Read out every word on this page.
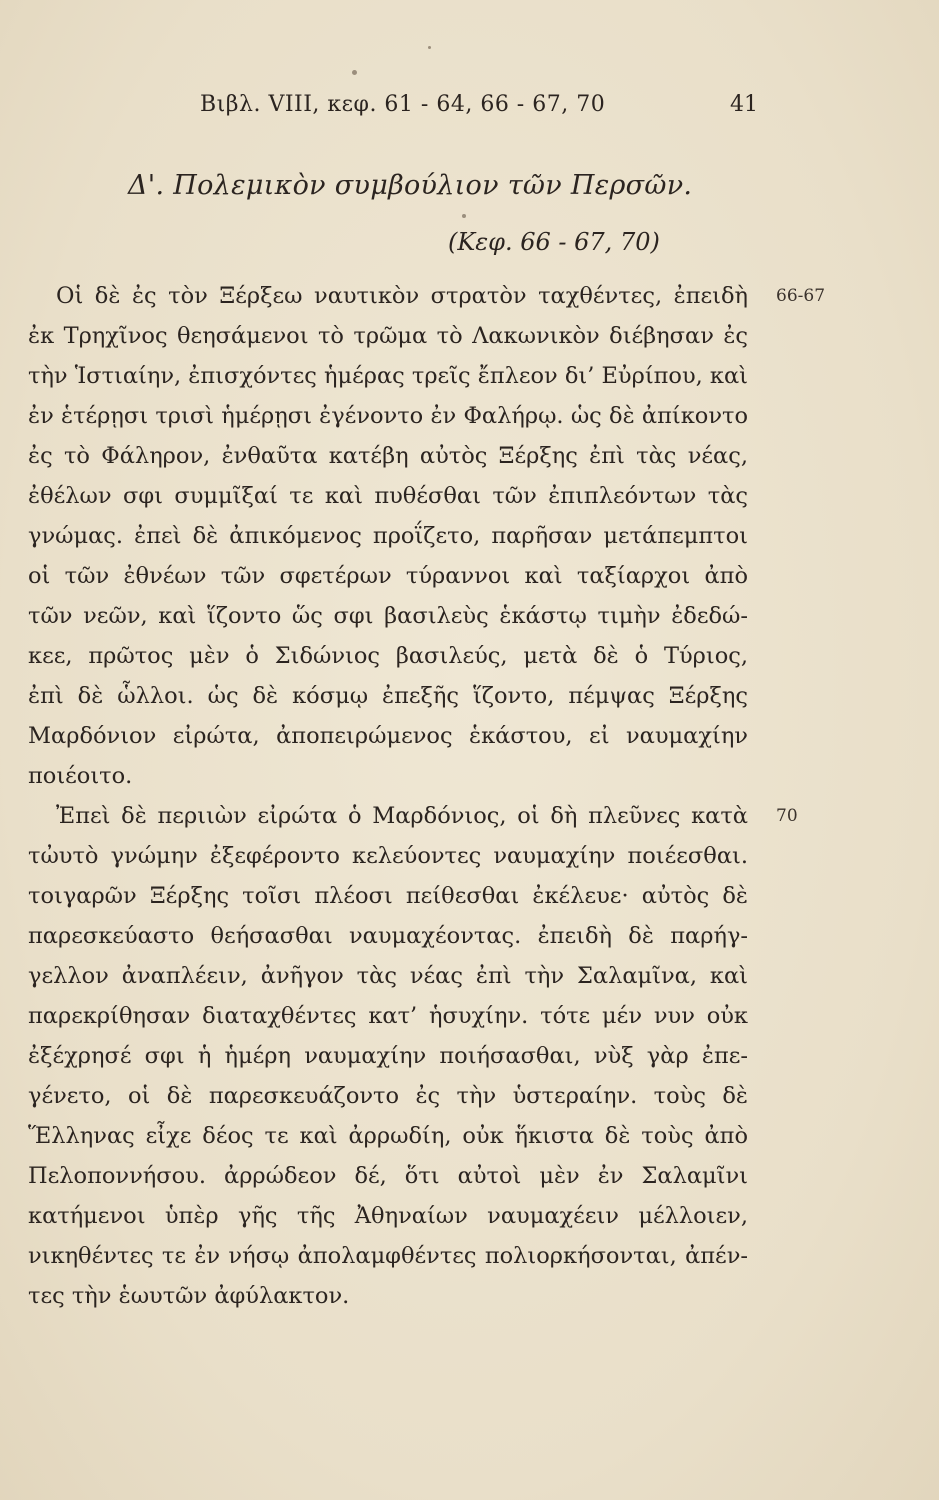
Βιβλ. VIII, κεφ. 61 - 64, 66 - 67, 70	41
Δ'. Πολεμικὸν συμβούλιον τῶν Περσῶν.
(Κεφ. 66 - 67, 70)
Οἱ δὲ ἐς τὸν Ξέρξεω ναυτικὸν στρατὸν ταχθέντες, ἐπειδὴ 66-67
ἐκ Τρηχῖνος θεησάμενοι τὸ τρῶμα τὸ Λακωνικὸν διέβησαν ἐς
τὴν Ἱστιαίην, ἐπισχόντες ἡμέρας τρεῖς ἔπλεον δι’ Εὐρίπου, καὶ
ἐν ἑτέρῃσι τρισὶ ἡμέρῃσι ἐγένοντο ἐν Φαλήρῳ. ὡς δὲ ἀπίκοντο
ἐς τὸ Φάληρον, ἐνθαῦτα κατέβη αὐτὸς Ξέρξης ἐπὶ τὰς νέας,
ἐθέλων σφι συμμῖξαί τε καὶ πυθέσθαι τῶν ἐπιπλεόντων τὰς
γνώμας. ἐπεὶ δὲ ἀπικόμενος προΐζετο, παρῆσαν μετάπεμπτοι
οἱ τῶν ἐθνέων τῶν σφετέρων τύραννοι καὶ ταξίαρχοι ἀπὸ
τῶν νεῶν, καὶ ἵζοντο ὥς σφι βασιλεὺς ἑκάστῳ τιμὴν ἐδεδώ-
κεε, πρῶτος μὲν ὁ Σιδώνιος βασιλεύς, μετὰ δὲ ὁ Τύριος,
ἐπὶ δὲ ὧλλοι. ὡς δὲ κόσμῳ ἐπεξῆς ἵζοντο, πέμψας Ξέρξης
Μαρδόνιον εἰρώτα, ἀποπειρώμενος ἑκάστου, εἰ ναυμαχίην
ποιέοιτο.
Ἐπεὶ δὲ περιιὼν εἰρώτα ὁ Μαρδόνιος, οἱ δὴ πλεῦνες κατὰ 70
τὠυτὸ γνώμην ἐξεφέροντο κελεύοντες ναυμαχίην ποιέεσθαι.
τοιγαρῶν Ξέρξης τοῖσι πλέοσι πείθεσθαι ἐκέλευε· αὐτὸς δὲ
παρεσκεύαστο θεήσασθαι ναυμαχέοντας. ἐπειδὴ δὲ παρήγ-
γελλον ἀναπλέειν, ἀνῆγον τὰς νέας ἐπὶ τὴν Σαλαμῖνα, καὶ
παρεκρίθησαν διαταχθέντες κατ’ ἡσυχίην. τότε μέν νυν οὐκ
ἐξέχρησέ σφι ἡ ἡμέρη ναυμαχίην ποιήσασθαι, νὺξ γὰρ ἐπε-
γένετο, οἱ δὲ παρεσκευάζοντο ἐς τὴν ὑστεραίην. τοὺς δὲ
Ἕλληνας εἶχε δέος τε καὶ ἀρρωδίη, οὐκ ἥκιστα δὲ τοὺς ἀπὸ
Πελοποννήσου. ἀρρώδεον δέ, ὅτι αὐτοὶ μὲν ἐν Σαλαμῖνι
κατήμενοι ὑπὲρ γῆς τῆς Ἀθηναίων ναυμαχέειν μέλλοιεν,
νικηθέντες τε ἐν νήσῳ ἀπολαμφθέντες πολιορκήσονται, ἀπέν-
τες τὴν ἑωυτῶν ἀφύλακτον.
